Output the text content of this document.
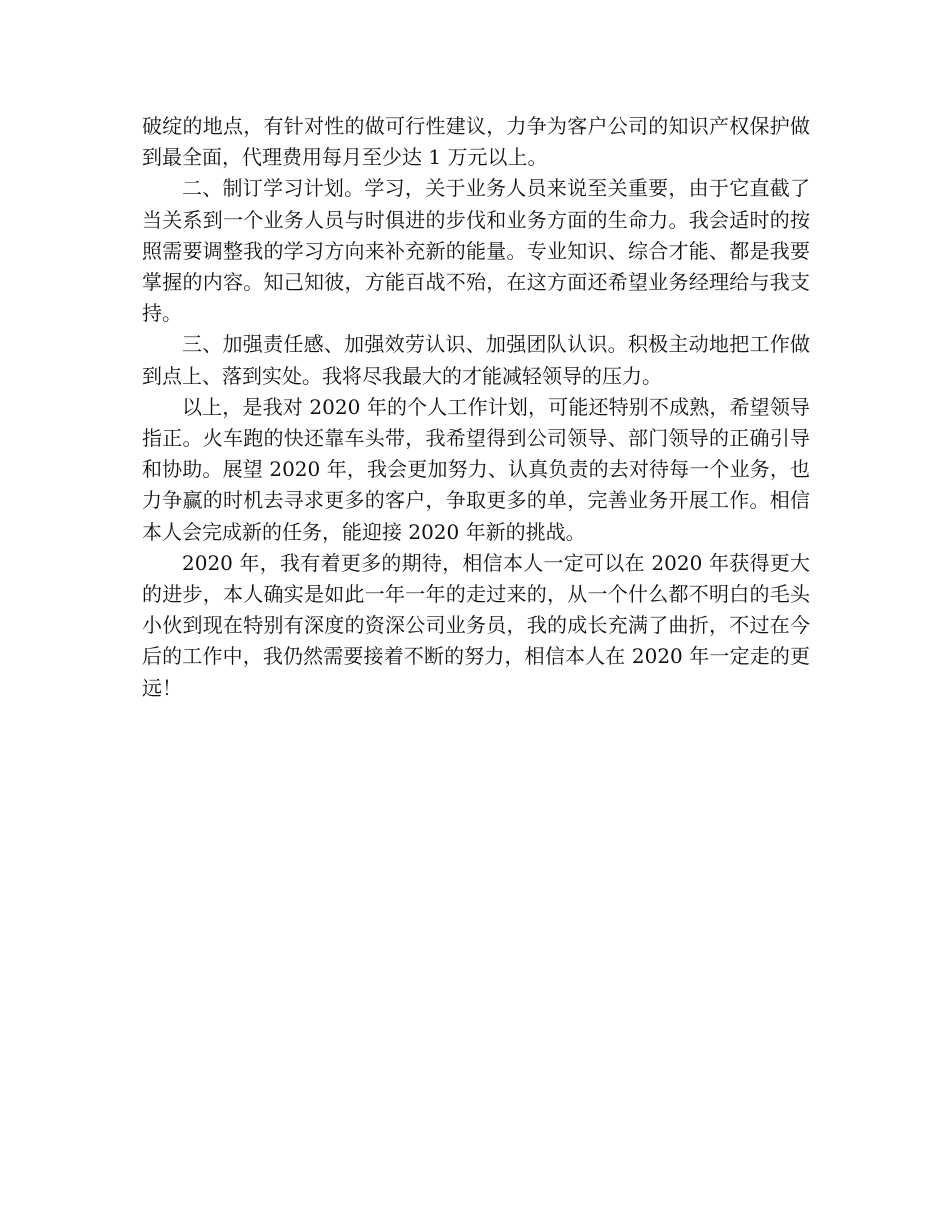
破绽的地点，有针对性的做可行性建议，力争为客户公司的知识产权保护做到最全面，代理费用每月至少达 1 万元以上。

二、制订学习计划。学习，关于业务人员来说至关重要，由于它直截了当关系到一个业务人员与时俱进的步伐和业务方面的生命力。我会适时的按照需要调整我的学习方向来补充新的能量。专业知识、综合才能、都是我要掌握的内容。知己知彼，方能百战不殆，在这方面还希望业务经理给与我支持。

三、加强责任感、加强效劳认识、加强团队认识。积极主动地把工作做到点上、落到实处。我将尽我最大的才能减轻领导的压力。

以上，是我对 2020 年的个人工作计划，可能还特别不成熟，希望领导指正。火车跑的快还靠车头带，我希望得到公司领导、部门领导的正确引导和协助。展望 2020 年，我会更加努力、认真负责的去对待每一个业务，也力争赢的时机去寻求更多的客户，争取更多的单，完善业务开展工作。相信本人会完成新的任务，能迎接 2020 年新的挑战。

2020 年，我有着更多的期待，相信本人一定可以在 2020 年获得更大的进步，本人确实是如此一年一年的走过来的，从一个什么都不明白的毛头小伙到现在特别有深度的资深公司业务员，我的成长充满了曲折，不过在今后的工作中，我仍然需要接着不断的努力，相信本人在 2020 年一定走的更远！
